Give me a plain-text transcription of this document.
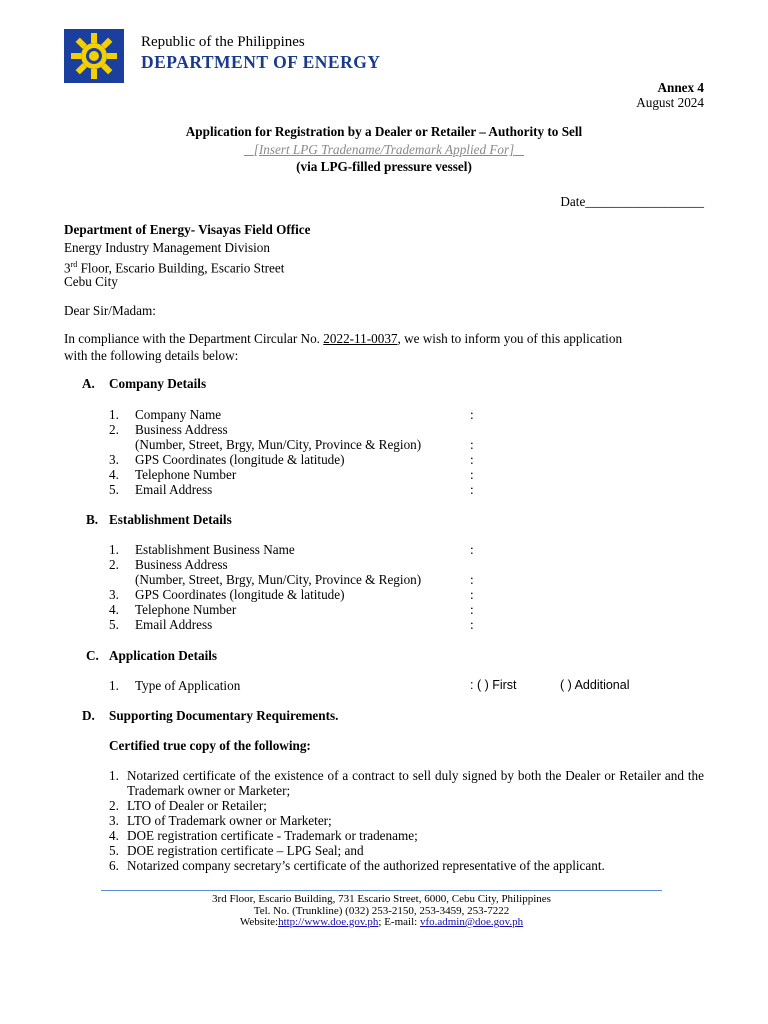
Republic of the Philippines
DEPARTMENT OF ENERGY
Annex 4
August 2024
Application for Registration by a Dealer or Retailer – Authority to Sell
[Insert LPG Tradename/Trademark Applied For]
(via LPG-filled pressure vessel)
Date__________________
Department of Energy- Visayas Field Office
Energy Industry Management Division
3rd Floor, Escario Building, Escario Street
Cebu City
Dear Sir/Madam:
In compliance with the Department Circular No. 2022-11-0037, we wish to inform you of this application
with the following details below:
A. Company Details
1. Company Name	:
2. Business Address
(Number, Street, Brgy, Mun/City, Province & Region)	:
3. GPS Coordinates (longitude & latitude)	:
4. Telephone Number	:
5. Email Address	:
B. Establishment Details
1. Establishment Business Name	:
2. Business Address
(Number, Street, Brgy, Mun/City, Province & Region)	:
3. GPS Coordinates (longitude & latitude)	:
4. Telephone Number	:
5. Email Address	:
C. Application Details
1. Type of Application	: ( ) First	( ) Additional
D. Supporting Documentary Requirements.
Certified true copy of the following:
1. Notarized certificate of the existence of a contract to sell duly signed by both the Dealer or Retailer and the Trademark owner or Marketer;
2. LTO of Dealer or Retailer;
3. LTO of Trademark owner or Marketer;
4. DOE registration certificate - Trademark or tradename;
5. DOE registration certificate – LPG Seal; and
6. Notarized company secretary’s certificate of the authorized representative of the applicant.
3rd Floor, Escario Building, 731 Escario Street, 6000, Cebu City, Philippines
Tel. No. (Trunkline) (032) 253-2150, 253-3459, 253-7222
Website:http://www.doe.gov.ph; E-mail: vfo.admin@doe.gov.ph
